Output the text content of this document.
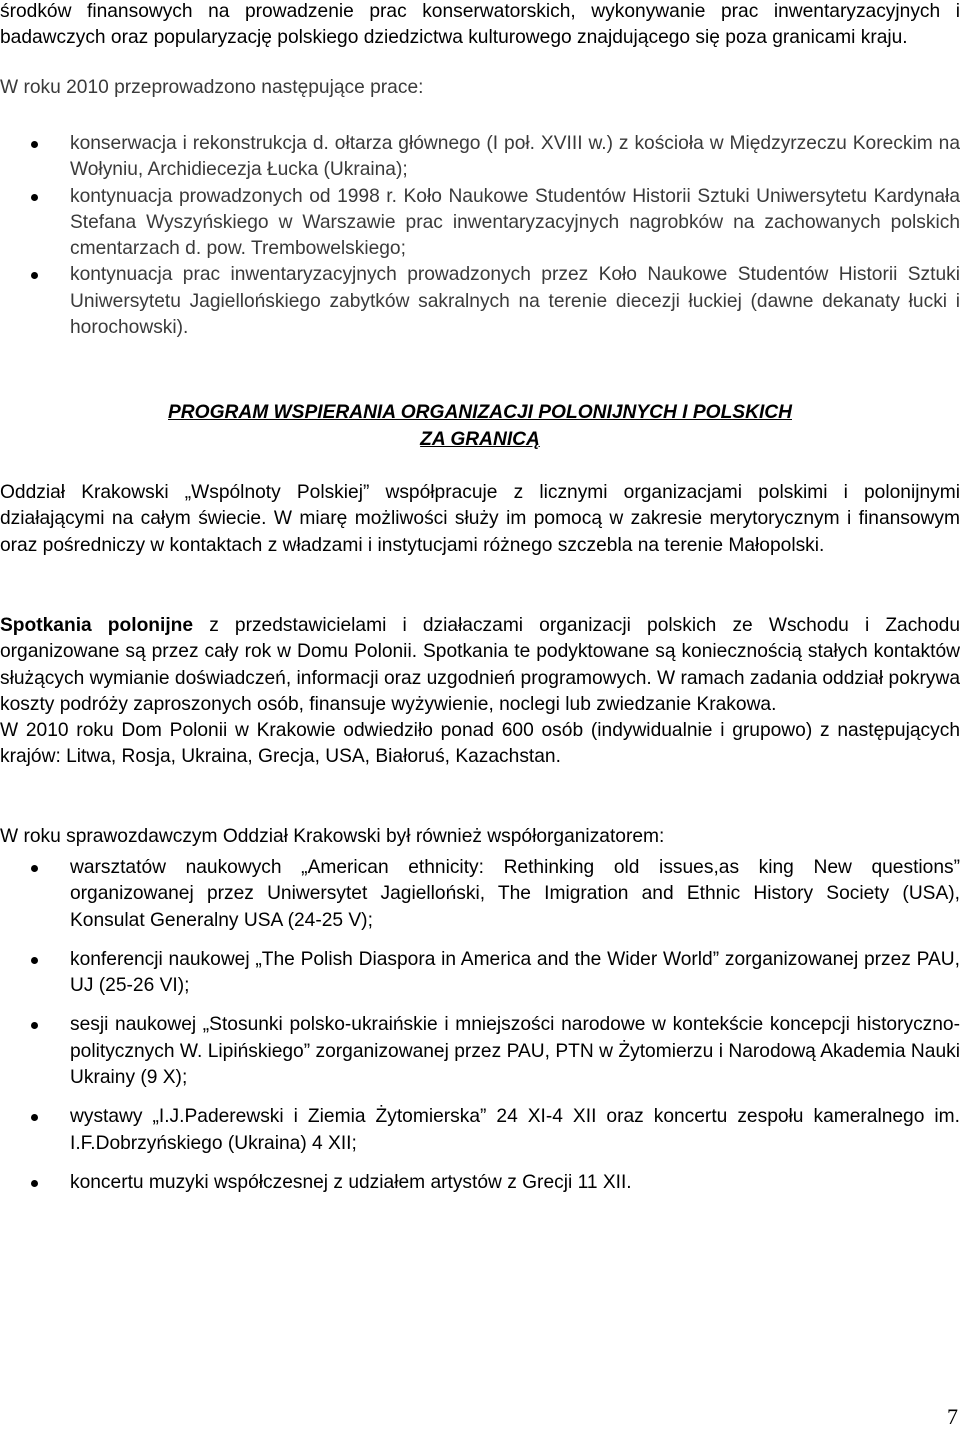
środków finansowych na prowadzenie prac konserwatorskich, wykonywanie prac inwentaryzacyjnych i badawczych oraz popularyzację polskiego dziedzictwa kulturowego znajdującego się poza granicami kraju.

W roku 2010 przeprowadzono następujące prace:

konserwacja i rekonstrukcja d. ołtarza głównego (I poł. XVIII w.) z kościoła w Międzyrzeczu Koreckim na Wołyniu, Archidiecezja Łucka (Ukraina);
kontynuacja prowadzonych od 1998 r. Koło Naukowe Studentów Historii Sztuki Uniwersytetu Kardynała Stefana Wyszyńskiego w Warszawie prac inwentaryzacyjnych nagrobków na zachowanych polskich cmentarzach d. pow. Trembowelskiego;
kontynuacja prac inwentaryzacyjnych prowadzonych przez Koło Naukowe Studentów Historii Sztuki Uniwersytetu Jagiellońskiego zabytków sakralnych na terenie diecezji łuckiej (dawne dekanaty łucki i horochowski).
PROGRAM WSPIERANIA ORGANIZACJI POLONIJNYCH I POLSKICH
ZA GRANICĄ

Oddział Krakowski „Wspólnoty Polskiej” współpracuje z licznymi organizacjami polskimi i polonijnymi działającymi na całym świecie. W miarę możliwości służy im pomocą w zakresie merytorycznym i finansowym oraz pośredniczy w kontaktach z władzami i instytucjami różnego szczebla na terenie Małopolski.

Spotkania polonijne z przedstawicielami i działaczami organizacji polskich ze Wschodu i Zachodu organizowane są przez cały rok w Domu Polonii. Spotkania te podyktowane są koniecznością stałych kontaktów służących wymianie doświadczeń, informacji oraz uzgodnień programowych. W ramach zadania oddział pokrywa koszty podróży zaproszonych osób, finansuje wyżywienie, noclegi lub zwiedzanie Krakowa.

W 2010 roku Dom Polonii w Krakowie odwiedziło ponad 600 osób (indywidualnie i grupowo) z następujących krajów: Litwa, Rosja, Ukraina, Grecja, USA, Białoruś, Kazachstan.

W roku sprawozdawczym Oddział Krakowski był również współorganizatorem:

warsztatów naukowych „American ethnicity: Rethinking old issues,as king New questions” organizowanej przez Uniwersytet Jagielloński, The Imigration and Ethnic History Society (USA), Konsulat Generalny USA (24-25 V);
konferencji naukowej „The Polish Diaspora in America and the Wider World” zorganizowanej przez PAU, UJ (25-26 VI);
sesji naukowej „Stosunki polsko-ukraińskie i mniejszości narodowe w kontekście koncepcji historyczno-politycznych W. Lipińskiego” zorganizowanej przez PAU, PTN w Żytomierzu i Narodową Akademia Nauki Ukrainy (9 X);
wystawy „I.J.Paderewski i Ziemia Żytomierska” 24 XI-4 XII oraz koncertu zespołu kameralnego im. I.F.Dobrzyńskiego (Ukraina) 4 XII;
koncertu muzyki współczesnej z udziałem artystów z Grecji 11 XII.
7
